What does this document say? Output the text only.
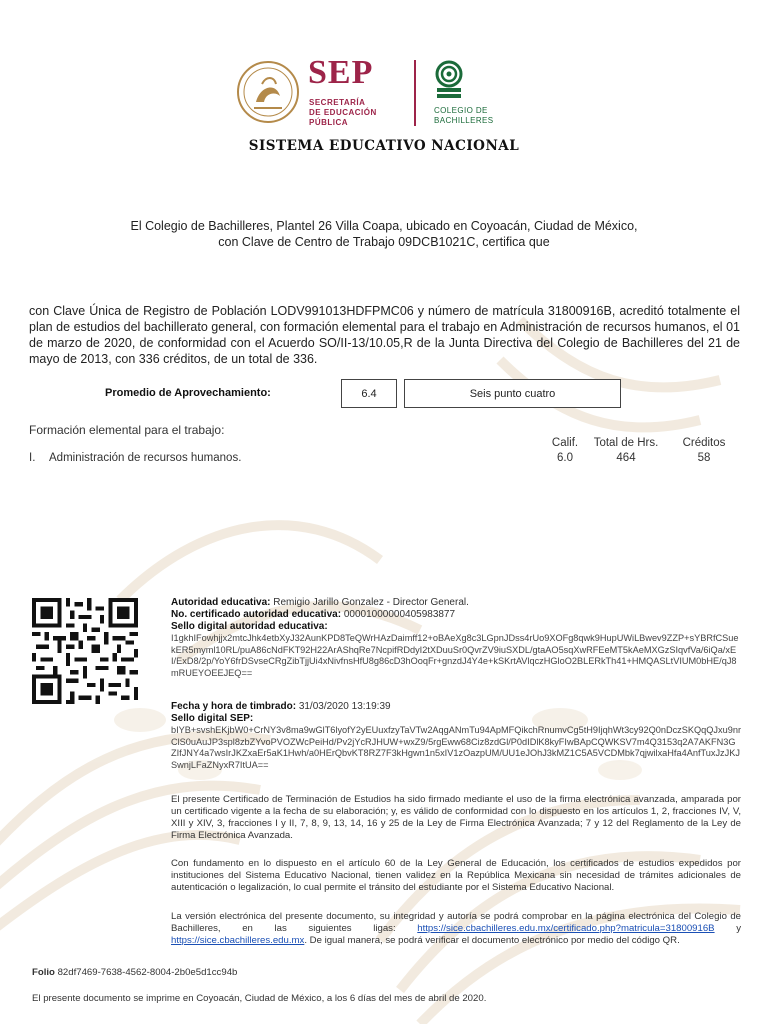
SEP
SECRETARÍA
DE EDUCACIÓN
PÚBLICA
COLEGIO DE
BACHILLERES
SISTEMA EDUCATIVO NACIONAL
El Colegio de Bachilleres, Plantel 26 Villa Coapa, ubicado en Coyoacán, Ciudad de México,
con Clave de Centro de Trabajo 09DCB1021C, certifica que
con Clave Única de Registro de Población LODV991013HDFPMC06 y número de matrícula 31800916B, acreditó totalmente el plan de estudios del bachillerato general, con formación elemental para el trabajo en Administración de recursos humanos, el 01 de marzo de 2020, de conformidad con el Acuerdo SO/II-13/10.05,R de la Junta Directiva del Colegio de Bachilleres del 21 de mayo de 2013, con 336 créditos, de un total de 336.
Promedio de Aprovechamiento:	6.4	Seis punto cuatro
Formación elemental para el trabajo:
Calif.	Total de Hrs.	Créditos
I. Administración de recursos humanos.	6.0	464	58
Autoridad educativa: Remigio Jarillo Gonzalez - Director General.
No. certificado autoridad educativa: 00001000000405983877
Sello digital autoridad educativa:
I1gkhIFowhjjx2mtcJhk4etbXyJ32AunKPD8TeQWrHAzDaimff12+oBAeXg8c3LGpnJDss4rUo9XOFg8qwk9HupUWiLBwev9ZZP+sYBRfCSuekER5myml10RL/puA86cNdFKT92H22ArAShqRe7NcpifRDdyI2tXDuuSr0QvrZV9iuSXDL/gtaAO5sqXwRFEeMT5kAeMXGzSIqvfVa/6iQa/xEI/ExD8/2p/YoY6frDSvseCRgZibTjjUi4xNivfnsHfU8g86cD3hOoqFr+gnzdJ4Y4e+kSKrtAVlqczHGloO2BLERkTh41+HMQASLtVIUM0bHE/qJ8mRUEYOEEJEQ==
Fecha y hora de timbrado: 31/03/2020 13:19:39
Sello digital SEP:
bIYB+svshEKjbW0+CrNY3v8ma9wGlT6lyofY2yEUuxfzyTaVTw2AqgANmTu94ApMFQikchRnumvCg5tH9IjqhWt3cy92Q0nDczSKQqQJxu9nrClS0uAuJP3spl8zbZYvoPVOZWcPeiHd/Pv2jYcRJHUW+wxZ9/5rgEww68Ciz8zdGl/P0dIDlK8kyFIwBApCQWKSV7m4Q3153q2A7AKFN3GZIfJNY4a7wsIrJKZxaEr5aK1Hwh/a0HErQbvKT8RZ7F3kHgwn1n5xIV1zOazpUM/UU1eJOhJ3kMZ1C5A5VCDMbk7qjwilxaHfa4AnfTuxJzJKJSwnjLFaZNyxR7ItUA==
El presente Certificado de Terminación de Estudios ha sido firmado mediante el uso de la firma electrónica avanzada, amparada por un certificado vigente a la fecha de su elaboración; y, es válido de conformidad con lo dispuesto en los artículos 1, 2, fracciones IV, V, XIII y XIV, 3, fracciones I y II, 7, 8, 9, 13, 14, 16 y 25 de la Ley de Firma Electrónica Avanzada; 7 y 12 del Reglamento de la Ley de Firma Electrónica Avanzada.
Con fundamento en lo dispuesto en el artículo 60 de la Ley General de Educación, los certificados de estudios expedidos por instituciones del Sistema Educativo Nacional, tienen validez en la República Mexicana sin necesidad de trámites adicionales de autenticación o legalización, lo cual permite el tránsito del estudiante por el Sistema Educativo Nacional.
La versión electrónica del presente documento, su integridad y autoría se podrá comprobar en la página electrónica del Colegio de Bachilleres, en las siguientes ligas: https://sice.cbachilleres.edu.mx/certificado.php?matricula=31800916B y https://sice.cbachilleres.edu.mx. De igual manera, se podrá verificar el documento electrónico por medio del código QR.
Folio 82df7469-7638-4562-8004-2b0e5d1cc94b
El presente documento se imprime en Coyoacán, Ciudad de México, a los 6 días del mes de abril de 2020.
